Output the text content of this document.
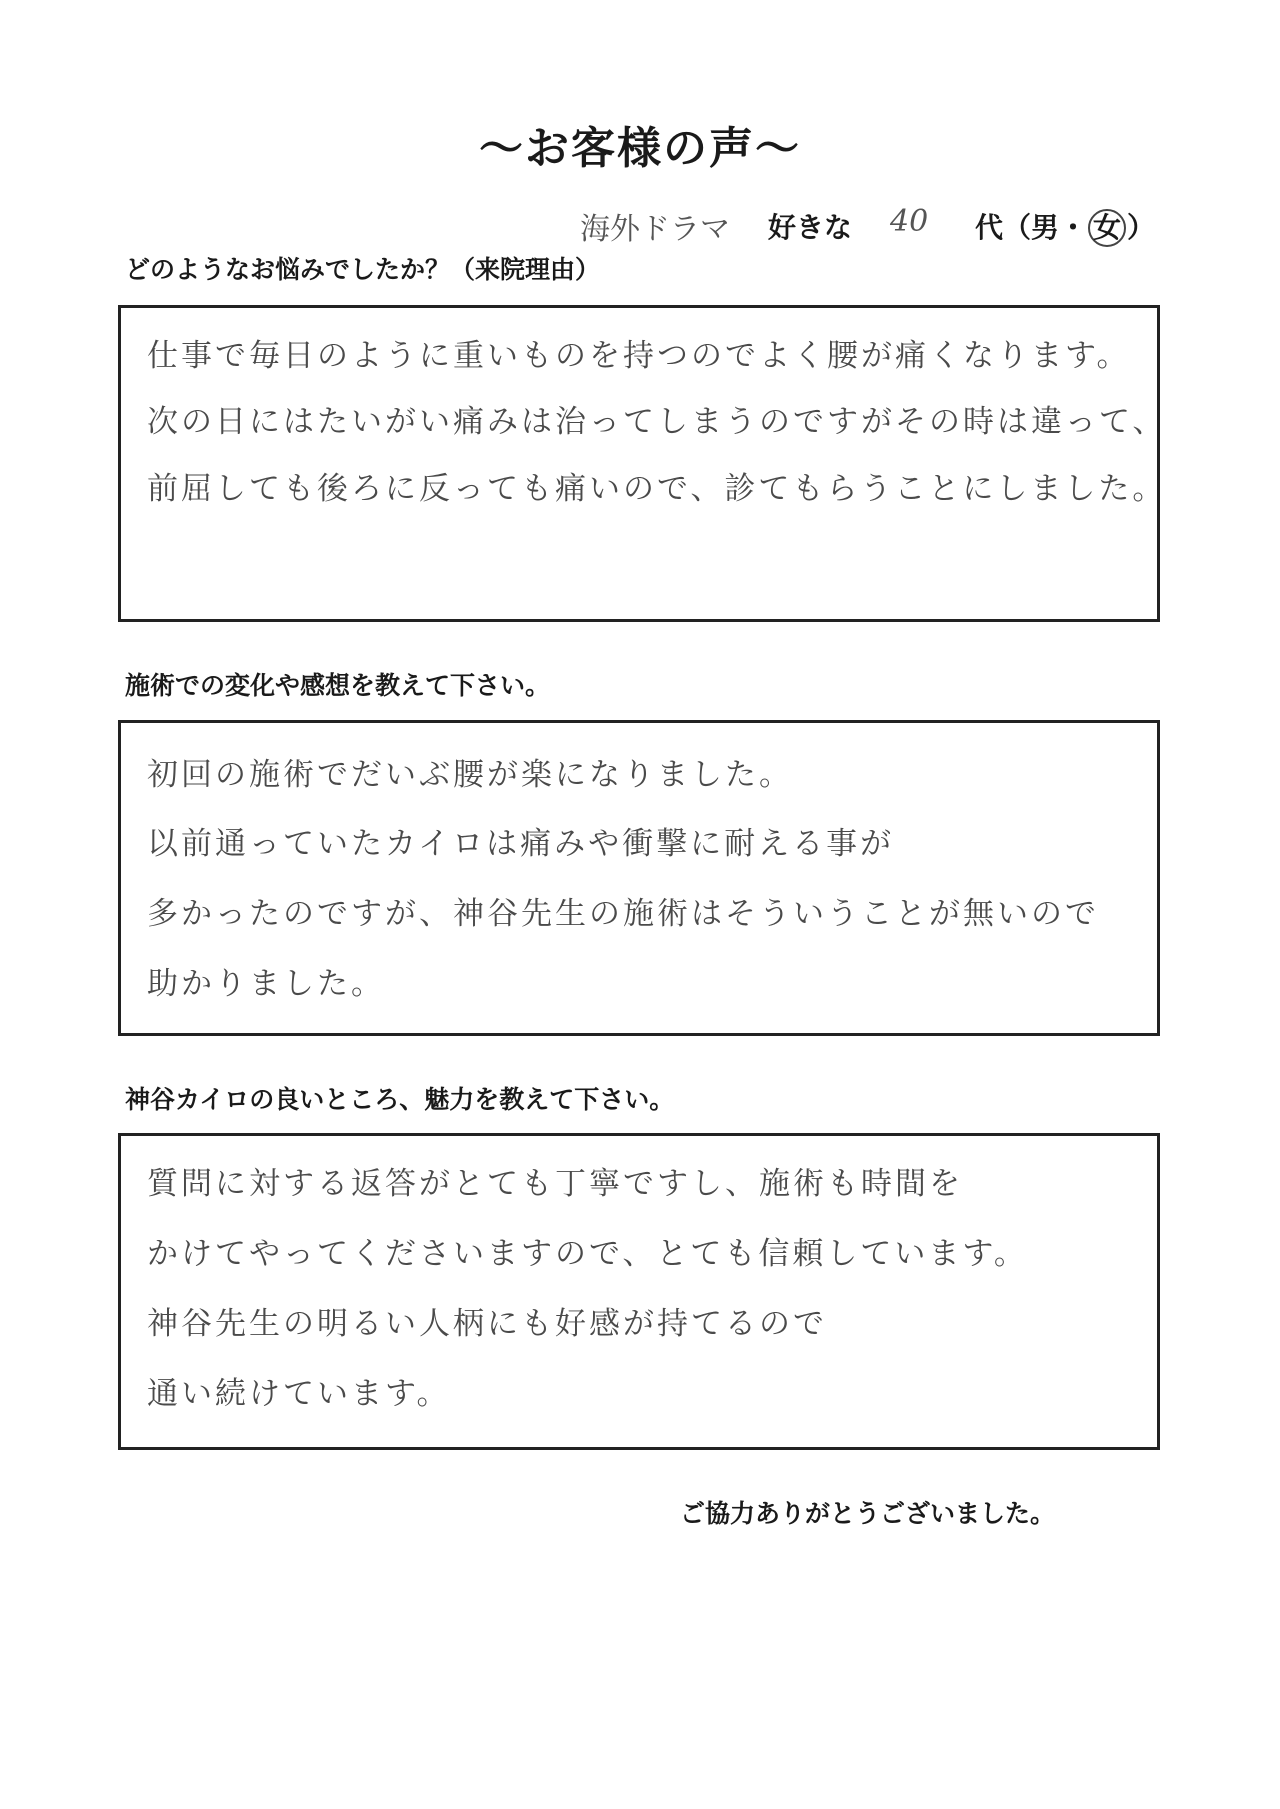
〜お客様の声〜
海外ドラマ 好きな 40 代（男・ 女 ）
どのようなお悩みでしたか？（来院理由）
仕事で毎日のように重いものを持つのでよく腰が痛くなります。
次の日にはたいがい痛みは治ってしまうのですがその時は違って、
前屈しても後ろに反っても痛いので、診てもらうことにしました。
施術での変化や感想を教えて下さい。
初回の施術でだいぶ腰が楽になりました。
以前通っていたカイロは痛みや衝撃に耐える事が
多かったのですが、神谷先生の施術はそういうことが無いので
助かりました。
神谷カイロの良いところ、魅力を教えて下さい。
質問に対する返答がとても丁寧ですし、施術も時間を
かけてやってくださいますので、とても信頼しています。
神谷先生の明るい人柄にも好感が持てるので
通い続けています。
ご協力ありがとうございました。
